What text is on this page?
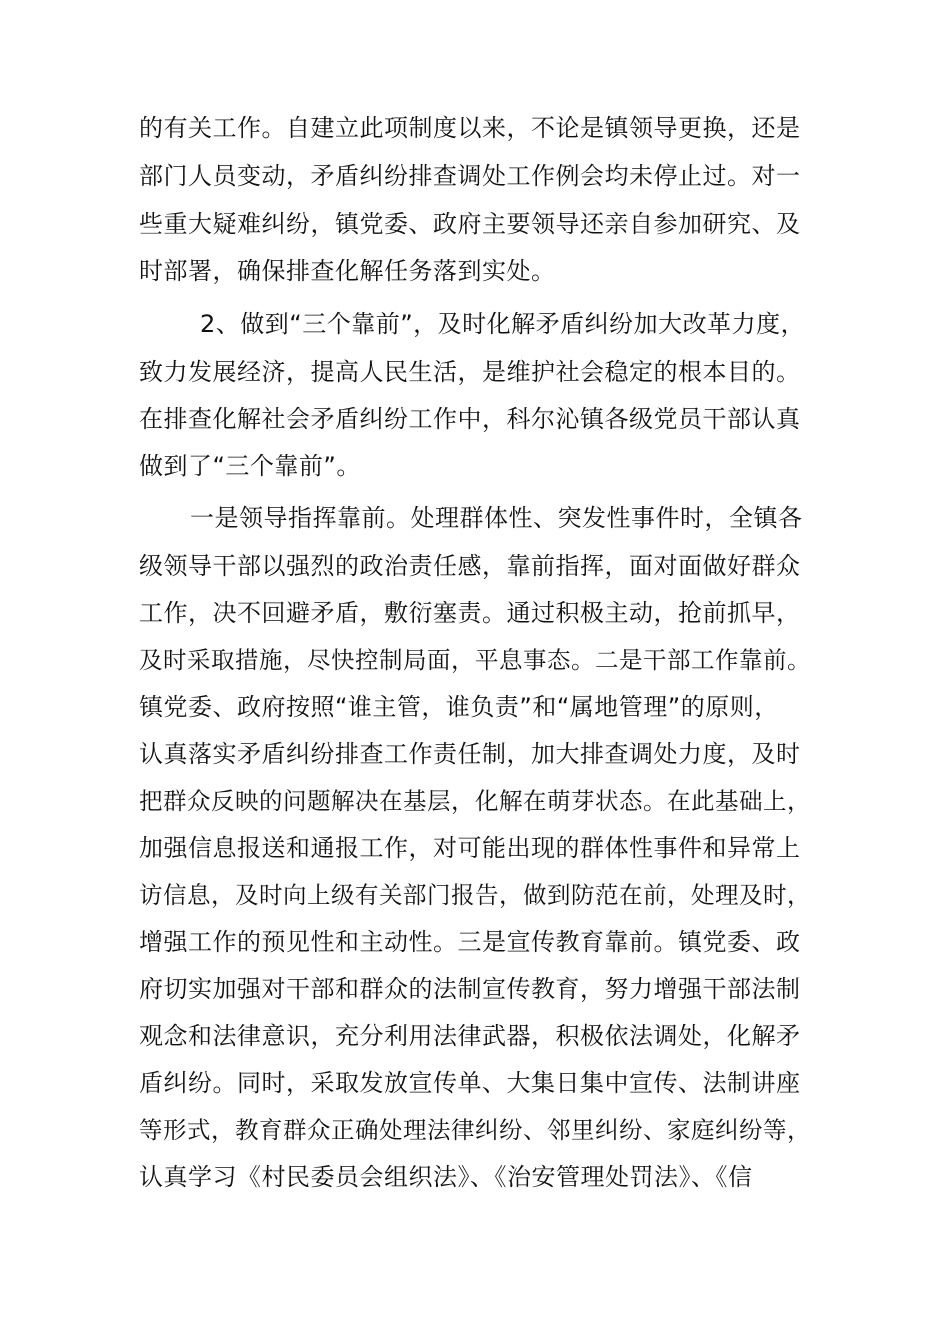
的有关工作。自建立此项制度以来，不论是镇领导更换，还是

部门人员变动，矛盾纠纷排查调处工作例会均未停止过。对一

些重大疑难纠纷，镇党委、政府主要领导还亲自参加研究、及

时部署，确保排查化解任务落到实处。

2、做到“三个靠前”，及时化解矛盾纠纷加大改革力度，

致力发展经济，提高人民生活，是维护社会稳定的根本目的。

在排查化解社会矛盾纠纷工作中，科尔沁镇各级党员干部认真

做到了“三个靠前”。

一是领导指挥靠前。处理群体性、突发性事件时，全镇各

级领导干部以强烈的政治责任感，靠前指挥，面对面做好群众

工作，决不回避矛盾，敷衍塞责。通过积极主动，抢前抓早，

及时采取措施，尽快控制局面，平息事态。二是干部工作靠前。

镇党委、政府按照“谁主管，谁负责”和“属地管理”的原则，

认真落实矛盾纠纷排查工作责任制，加大排查调处力度，及时

把群众反映的问题解决在基层，化解在萌芽状态。在此基础上，

加强信息报送和通报工作，对可能出现的群体性事件和异常上

访信息，及时向上级有关部门报告，做到防范在前，处理及时，

增强工作的预见性和主动性。三是宣传教育靠前。镇党委、政

府切实加强对干部和群众的法制宣传教育，努力增强干部法制

观念和法律意识，充分利用法律武器，积极依法调处，化解矛

盾纠纷。同时，采取发放宣传单、大集日集中宣传、法制讲座

等形式，教育群众正确处理法律纠纷、邻里纠纷、家庭纠纷等，

认真学习《村民委员会组织法》、《治安管理处罚法》、《信
